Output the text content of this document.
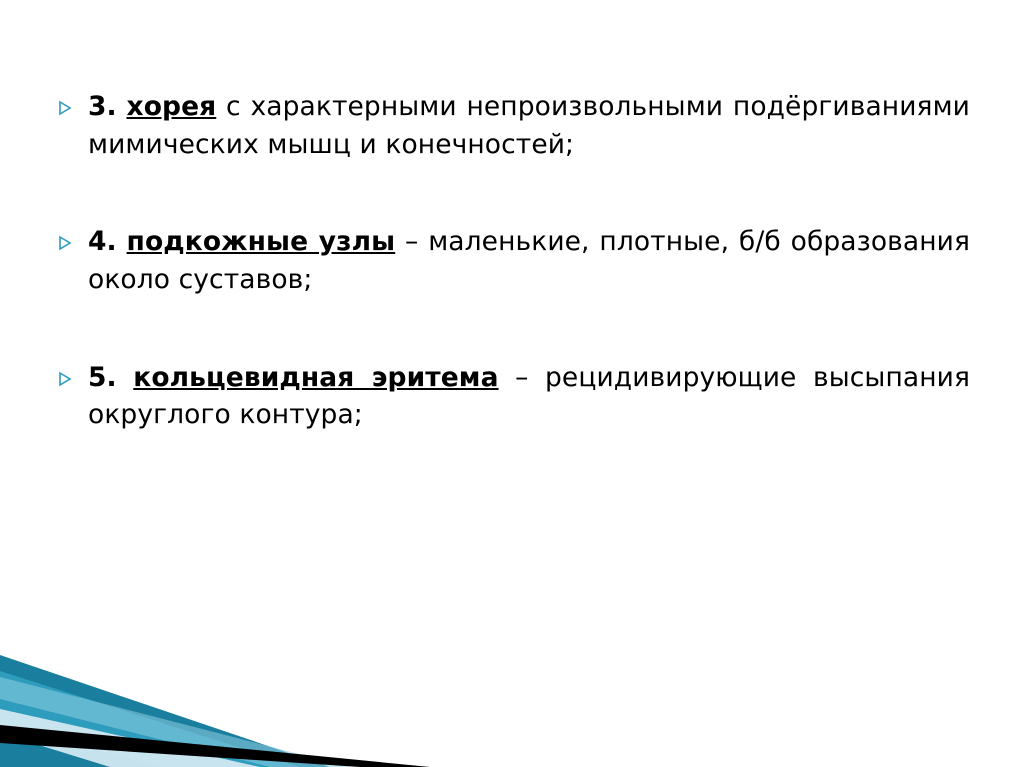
3. хорея с характерными непроизвольными подёргиваниями мимических мышц и конечностей;
4. подкожные узлы – маленькие, плотные, б/б образования около суставов;
5. кольцевидная эритема – рецидивирующие высыпания округлого контура;
